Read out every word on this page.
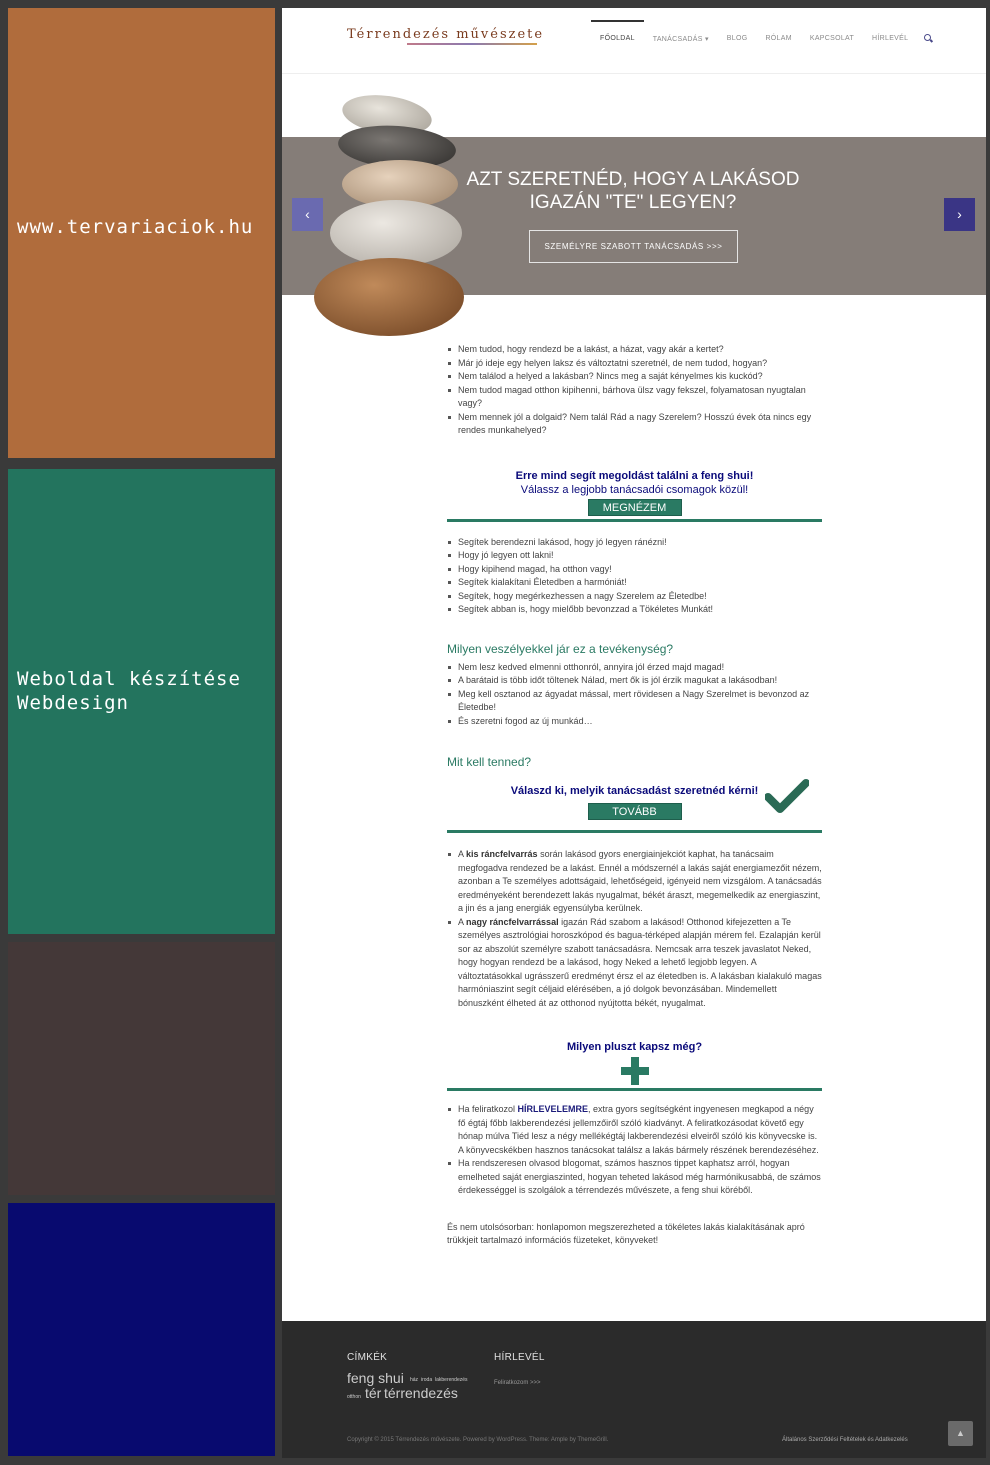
www.tervariaciok.hu
Weboldal készítése
Webdesign
Térrendezés művészete	FŐOLDAL	TANÁCSADÁS ▾	BLOG	RÓLAM	KAPCSOLAT	HÍRLEVÉL
AZT SZERETNÉD, HOGY A LAKÁSOD IGAZÁN "TE" LEGYEN?
SZEMÉLYRE SZABOTT TANÁCSADÁS >>>
‹	›
Nem tudod, hogy rendezd be a lakást, a házat, vagy akár a kertet?
Már jó ideje egy helyen laksz és változtatni szeretnél, de nem tudod, hogyan?
Nem találod a helyed a lakásban? Nincs meg a saját kényelmes kis kuckód?
Nem tudod magad otthon kipihenni, bárhova ülsz vagy fekszel, folyamatosan nyugtalan vagy?
Nem mennek jól a dolgaid? Nem talál Rád a nagy Szerelem? Hosszú évek óta nincs egy rendes munkahelyed?
Erre mind segít megoldást találni a feng shui!
Válassz a legjobb tanácsadói csomagok közül!
MEGNÉZEM
Segítek berendezni lakásod, hogy jó legyen ránézni!
Hogy jó legyen ott lakni!
Hogy kipihend magad, ha otthon vagy!
Segítek kialakítani Életedben a harmóniát!
Segítek, hogy megérkezhessen a nagy Szerelem az Életedbe!
Segítek abban is, hogy mielőbb bevonzzad a Tökéletes Munkát!
Milyen veszélyekkel jár ez a tevékenység?
Nem lesz kedved elmenni otthonról, annyira jól érzed majd magad!
A barátaid is több időt töltenek Nálad, mert ők is jól érzik magukat a lakásodban!
Meg kell osztanod az ágyadat mással, mert rövidesen a Nagy Szerelmet is bevonzod az Életedbe!
És szeretni fogod az új munkád…
Mit kell tenned?
Válaszd ki, melyik tanácsadást szeretnéd kérni!
TOVÁBB
A kis ráncfelvarrás során lakásod gyors energiainjekciót kaphat, ha tanácsaim megfogadva rendezed be a lakást. Ennél a módszernél a lakás saját energiamezőit nézem, azonban a Te személyes adottságaid, lehetőségeid, igényeid nem vizsgálom. A tanácsadás eredményeként berendezett lakás nyugalmat, békét áraszt, megemelkedik az energiaszint, a jin és a jang energiák egyensúlyba kerülnek.
A nagy ráncfelvarrással igazán Rád szabom a lakásod! Otthonod kifejezetten a Te személyes asztrológiai horoszkópod és bagua-térképed alapján mérem fel. Ezalapján kerül sor az abszolút személyre szabott tanácsadásra. Nemcsak arra teszek javaslatot Neked, hogy hogyan rendezd be a lakásod, hogy Neked a lehető legjobb legyen. A változtatásokkal ugrásszerű eredményt érsz el az életedben is. A lakásban kialakuló magas harmóniaszint segít céljaid elérésében, a jó dolgok bevonzásában. Mindemellett bónuszként élheted át az otthonod nyújtotta békét, nyugalmat.
Milyen pluszt kapsz még?
Ha feliratkozol HÍRLEVELEMRE, extra gyors segítségként ingyenesen megkapod a négy fő égtáj főbb lakberendezési jellemzőiről szóló kiadványt. A feliratkozásodat követő egy hónap múlva Tiéd lesz a négy mellékégtáj lakberendezési elveiről szóló kis könyvecske is. A könyvecskékben hasznos tanácsokat találsz a lakás bármely részének berendezéséhez.
Ha rendszeresen olvasod blogomat, számos hasznos tippet kaphatsz arról, hogyan emelheted saját energiaszinted, hogyan teheted lakásod még harmónikusabbá, de számos érdekességgel is szolgálok a térrendezés művészete, a feng shui köréből.

És nem utolsósorban: honlapomon megszerezheted a tökéletes lakás kialakításának apró trükkjeit tartalmazó információs füzeteket, könyveket!

CÍMKÉK	HÍRLEVÉL
feng shui ház iroda lakberendezés
otthon tér térrendezés
Feliratkozom >>>
Copyright © 2015 Térrendezés művészete. Powered by WordPress. Theme: Ample by ThemeGrill.	Általános Szerződési Feltételek és Adatkezelés
▲
